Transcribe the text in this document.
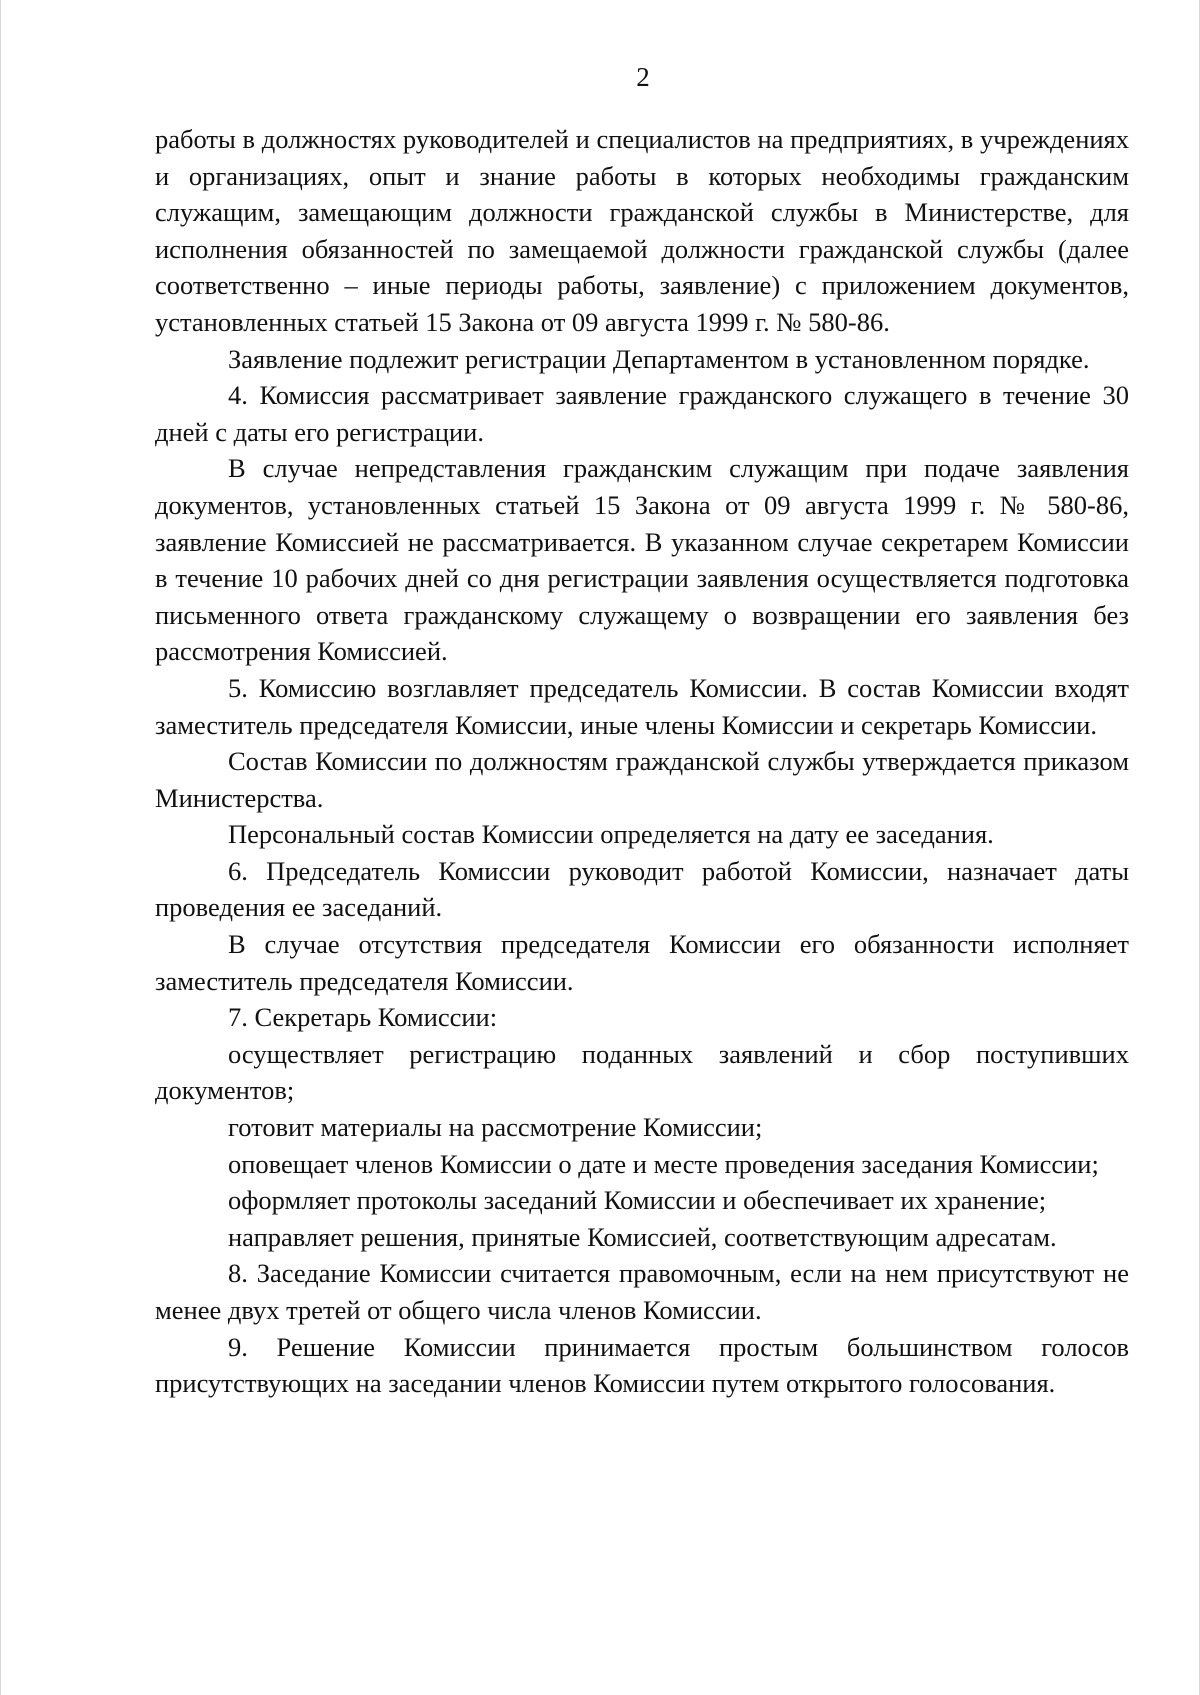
2

работы в должностях руководителей и специалистов на предприятиях, в учреждениях и организациях, опыт и знание работы в которых необходимы гражданским служащим, замещающим должности гражданской службы в Министерстве, для исполнения обязанностей по замещаемой должности гражданской службы (далее соответственно – иные периоды работы, заявление) с приложением документов, установленных статьей 15 Закона от 09 августа 1999 г. № 580-86.

Заявление подлежит регистрации Департаментом в установленном порядке.

4. Комиссия рассматривает заявление гражданского служащего в течение 30 дней с даты его регистрации.

В случае непредставления гражданским служащим при подаче заявления документов, установленных статьей 15 Закона от 09 августа 1999 г. № 580-86, заявление Комиссией не рассматривается. В указанном случае секретарем Комиссии в течение 10 рабочих дней со дня регистрации заявления осуществляется подготовка письменного ответа гражданскому служащему о возвращении его заявления без рассмотрения Комиссией.

5. Комиссию возглавляет председатель Комиссии. В состав Комиссии входят заместитель председателя Комиссии, иные члены Комиссии и секретарь Комиссии.

Состав Комиссии по должностям гражданской службы утверждается приказом Министерства.

Персональный состав Комиссии определяется на дату ее заседания.

6. Председатель Комиссии руководит работой Комиссии, назначает даты проведения ее заседаний.

В случае отсутствия председателя Комиссии его обязанности исполняет заместитель председателя Комиссии.

7. Секретарь Комиссии:

осуществляет регистрацию поданных заявлений и сбор поступивших документов;

готовит материалы на рассмотрение Комиссии;

оповещает членов Комиссии о дате и месте проведения заседания Комиссии;

оформляет протоколы заседаний Комиссии и обеспечивает их хранение;

направляет решения, принятые Комиссией, соответствующим адресатам.

8. Заседание Комиссии считается правомочным, если на нем присутствуют не менее двух третей от общего числа членов Комиссии.

9. Решение Комиссии принимается простым большинством голосов присутствующих на заседании членов Комиссии путем открытого голосования.
